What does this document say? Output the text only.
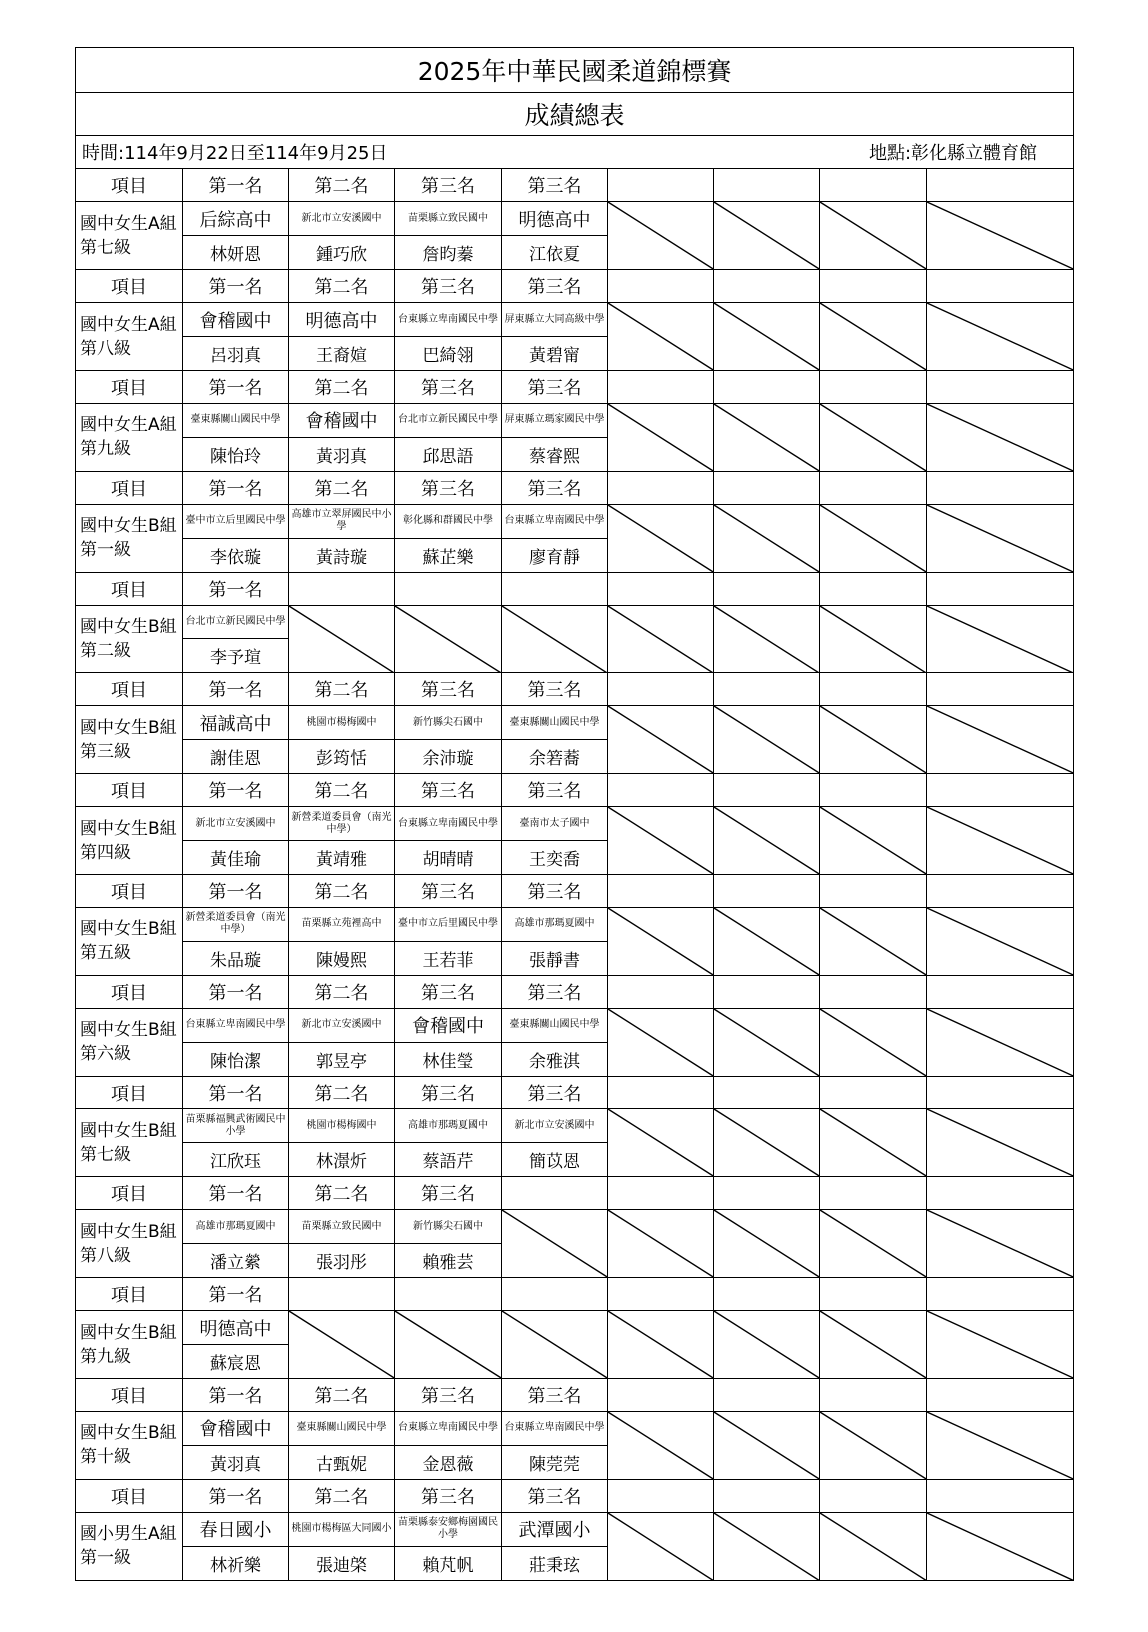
2025年中華民國柔道錦標賽								
成績總表								

時間:114年9月22日至114年9月25日 地點:彰化縣立體育館								

項目	第一名	第二名	第三名	第三名				
國中女生A組
第七級	后綜高中	新北市立安溪國中	苗栗縣立致民國中	明德高中	

	林妍恩	鍾巧欣	詹昀蓁	江依夏				
項目	第一名	第二名	第三名	第三名				
國中女生A組
第八級	會稽國中	明德高中	台東縣立卑南國民中學	屏東縣立大同高級中學	

	呂羽真	王裔媗	巴綺翎	黃碧甯				
項目	第一名	第二名	第三名	第三名				
國中女生A組
第九級	臺東縣關山國民中學	會稽國中	台北市立新民國民中學	屏東縣立瑪家國民中學	

	陳怡玲	黃羽真	邱思語	蔡睿熙				
項目	第一名	第二名	第三名	第三名				
國中女生B組
第一級	臺中市立后里國民中學	高雄市立翠屏國民中小學	彰化縣和群國民中學	台東縣立卑南國民中學	

	李依璇	黃詩璇	蘇芷樂	廖育靜				
項目	第一名							
國中女生B組
第二級	台北市立新民國民中學	

	李予瑄							
項目	第一名	第二名	第三名	第三名				
國中女生B組
第三級	福誠高中	桃園市楊梅國中	新竹縣尖石國中	臺東縣關山國民中學	

	謝佳恩	彭筠恬	余沛璇	余箬蕎				
項目	第一名	第二名	第三名	第三名				
國中女生B組
第四級	新北市立安溪國中	新營柔道委員會（南光中學）	台東縣立卑南國民中學	臺南市太子國中	

	黃佳瑜	黃靖雅	胡晴晴	王奕喬				
項目	第一名	第二名	第三名	第三名				
國中女生B組
第五級	新營柔道委員會（南光中學）	苗栗縣立苑裡高中	臺中市立后里國民中學	高雄市那瑪夏國中	

	朱品璇	陳嫚熙	王若菲	張靜書				
項目	第一名	第二名	第三名	第三名				
國中女生B組
第六級	台東縣立卑南國民中學	新北市立安溪國中	會稽國中	臺東縣關山國民中學	

	陳怡潔	郭昱亭	林佳瑩	余雅淇				
項目	第一名	第二名	第三名	第三名				
國中女生B組
第七級	苗栗縣福興武術國民中小學	桃園市楊梅國中	高雄市那瑪夏國中	新北市立安溪國中	

	江欣珏	林澋炘	蔡語芹	簡苡恩				
項目	第一名	第二名	第三名					
國中女生B組
第八級	高雄市那瑪夏國中	苗栗縣立致民國中	新竹縣尖石國中	

	潘立縈	張羽彤	賴雅芸					
項目	第一名							
國中女生B組
第九級	明德高中	

	蘇宸恩							
項目	第一名	第二名	第三名	第三名				
國中女生B組
第十級	會稽國中	臺東縣關山國民中學	台東縣立卑南國民中學	台東縣立卑南國民中學	

	黃羽真	古甄妮	金恩薇	陳莞莞				
項目	第一名	第二名	第三名	第三名				
國小男生A組
第一級	春日國小	桃園市楊梅區大同國小	苗栗縣泰安鄉梅園國民小學	武潭國小	

	林祈樂	張迪棨	賴芃帆	莊秉玹				
